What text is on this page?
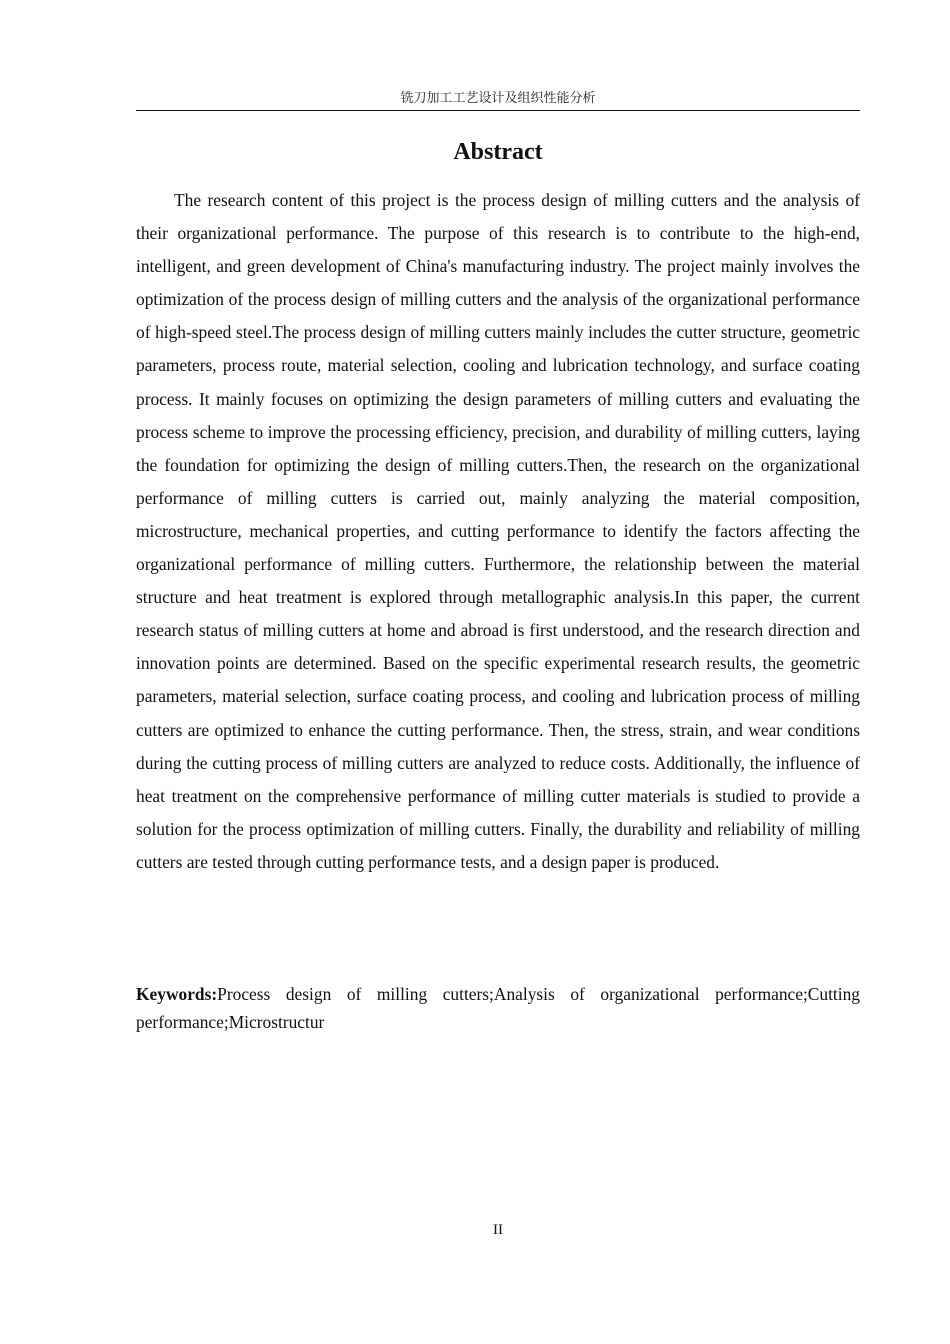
铣刀加工工艺设计及组织性能分析
Abstract

The research content of this project is the process design of milling cutters and the analysis of their organizational performance. The purpose of this research is to contribute to the high-end, intelligent, and green development of China's manufacturing industry. The project mainly involves the optimization of the process design of milling cutters and the analysis of the organizational performance of high-speed steel.The process design of milling cutters mainly includes the cutter structure, geometric parameters, process route, material selection, cooling and lubrication technology, and surface coating process. It mainly focuses on optimizing the design parameters of milling cutters and evaluating the process scheme to improve the processing efficiency, precision, and durability of milling cutters, laying the foundation for optimizing the design of milling cutters.Then, the research on the organizational performance of milling cutters is carried out, mainly analyzing the material composition, microstructure, mechanical properties, and cutting performance to identify the factors affecting the organizational performance of milling cutters. Furthermore, the relationship between the material structure and heat treatment is explored through metallographic analysis.In this paper, the current research status of milling cutters at home and abroad is first understood, and the research direction and innovation points are determined. Based on the specific experimental research results, the geometric parameters, material selection, surface coating process, and cooling and lubrication process of milling cutters are optimized to enhance the cutting performance. Then, the stress, strain, and wear conditions during the cutting process of milling cutters are analyzed to reduce costs. Additionally, the influence of heat treatment on the comprehensive performance of milling cutter materials is studied to provide a solution for the process optimization of milling cutters. Finally, the durability and reliability of milling cutters are tested through cutting performance tests, and a design paper is produced.

Keywords:Process design of milling cutters;Analysis of organizational performance;Cutting performance;Microstructur

II
